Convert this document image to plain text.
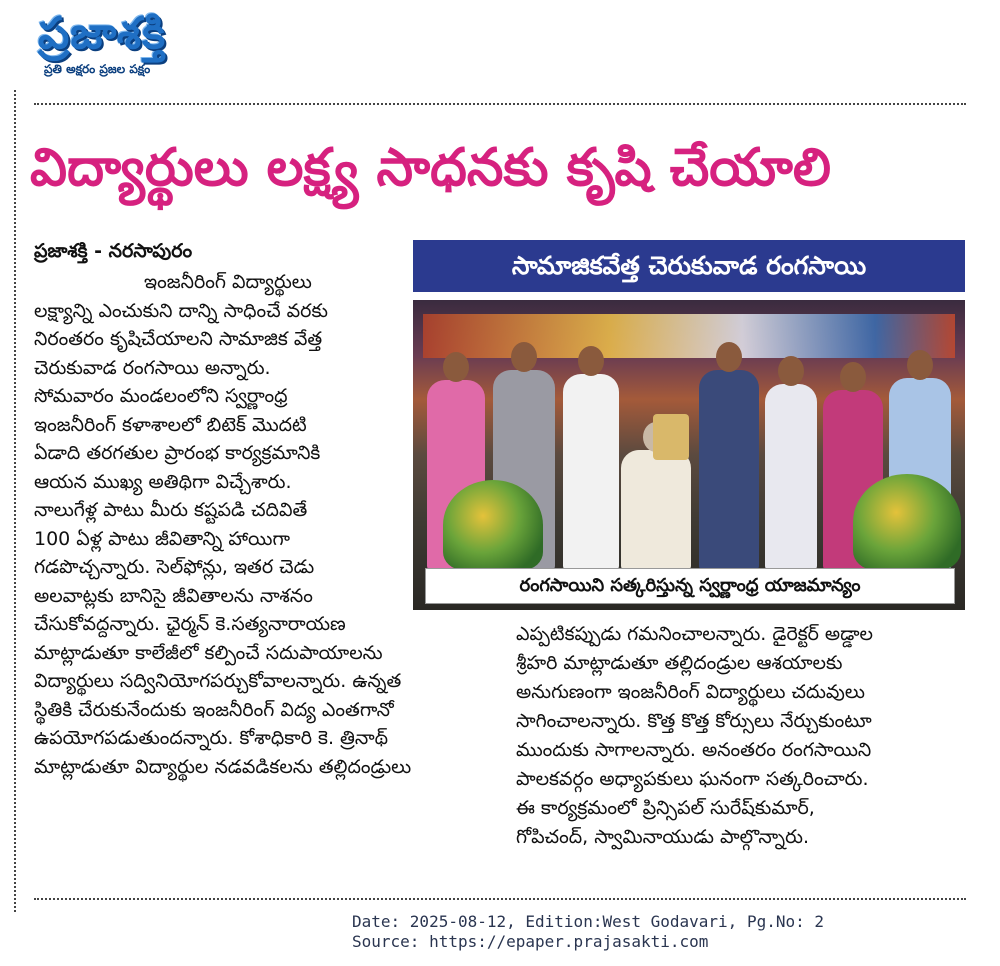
ప్రజాశక్తి
ప్రతి అక్షరం ప్రజల పక్షం
విద్యార్థులు లక్ష్య సాధనకు కృషి చేయాలి
ప్రజాశక్తి - నరసాపురం
ఇంజనీరింగ్ విద్యార్థులు
లక్ష్యాన్ని ఎంచుకుని దాన్ని సాధించే వరకు
నిరంతరం కృషిచేయాలని సామాజిక వేత్త
చెరుకువాడ రంగసాయి అన్నారు.
సోమవారం మండలంలోని స్వర్ణాంధ్ర
ఇంజనీరింగ్ కళాశాలలో బిటెక్ మొదటి
ఏడాది తరగతుల ప్రారంభ కార్యక్రమానికి
ఆయన ముఖ్య అతిథిగా విచ్చేశారు.
నాలుగేళ్ల పాటు మీరు కష్టపడి చదివితే
100 ఏళ్ల పాటు జీవితాన్ని హాయిగా
గడపొచ్చన్నారు. సెల్‌ఫోన్లు, ఇతర చెడు
అలవాట్లకు బానిసై జీవితాలను నాశనం
చేసుకోవద్దన్నారు. ఛైర్మన్ కె.సత్యనారాయణ
మాట్లాడుతూ కాలేజీలో కల్పించే సదుపాయాలను
విద్యార్థులు సద్వినియోగపర్చుకోవాలన్నారు. ఉన్నత
స్థితికి చేరుకునేందుకు ఇంజనీరింగ్ విద్య ఎంతగానో
ఉపయోగపడుతుందన్నారు. కోశాధికారి కె. త్రినాథ్
మాట్లాడుతూ విద్యార్థుల నడవడికలను తల్లిదండ్రులు
సామాజికవేత్త చెరుకువాడ రంగసాయి
రంగసాయిని సత్కరిస్తున్న స్వర్ణాంధ్ర యాజమాన్యం
ఎప్పటికప్పుడు గమనించాలన్నారు. డైరెక్టర్ అడ్డాల
శ్రీహరి మాట్లాడుతూ తల్లిదండ్రుల ఆశయాలకు
అనుగుణంగా ఇంజనీరింగ్ విద్యార్థులు చదువులు
సాగించాలన్నారు. కొత్త కొత్త కోర్సులు నేర్చుకుంటూ
ముందుకు సాగాలన్నారు. అనంతరం రంగసాయిని
పాలకవర్గం అధ్యాపకులు ఘనంగా సత్కరించారు.
ఈ కార్యక్రమంలో ప్రిన్సిపల్ సురేష్‌కుమార్,
గోపిచంద్, స్వామినాయుడు పాల్గొన్నారు.
Date: 2025-08-12, Edition:West Godavari, Pg.No: 2
Source: https://epaper.prajasakti.com
